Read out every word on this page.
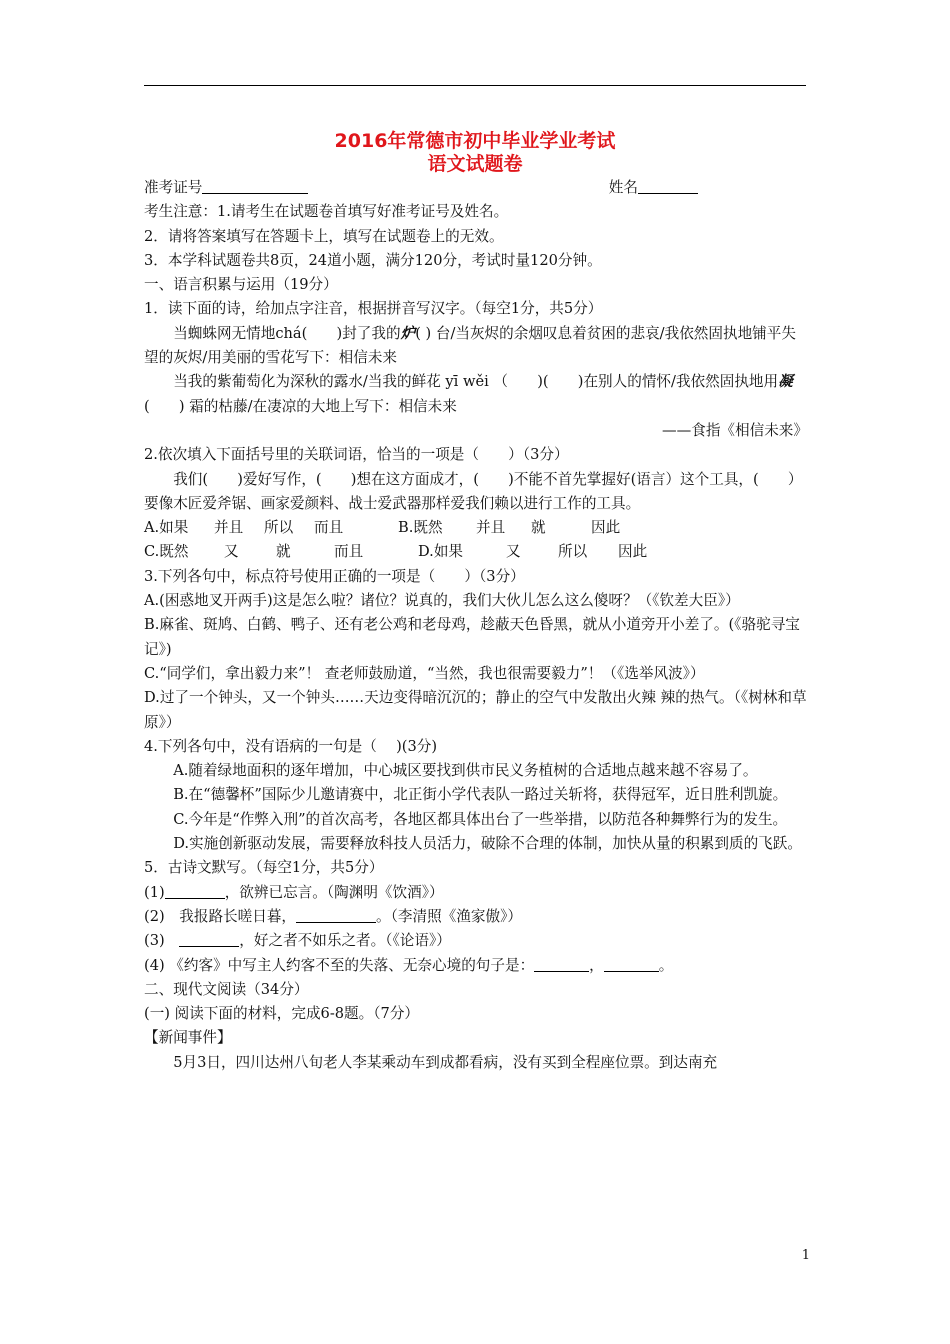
2016年常德市初中毕业学业考试
语文试题卷

准考证号	姓名

考生注意：1.请考生在试题卷首填写好准考证号及姓名。

2．请将答案填写在答题卡上，填写在试题卷上的无效。

3．本学科试题卷共8页，24道小题，满分120分，考试时量120分钟。

一、语言积累与运用（19分）

1．读下面的诗，给加点字注音，根据拼音写汉字。（每空1分，共5分）

当蜘蛛网无情地chá(　　)封了我的炉( ) 台/当灰烬的余烟叹息着贫困的悲哀/我依然固执地铺平失望的灰烬/用美丽的雪花写下：相信未来

当我的紫葡萄化为深秋的露水/当我的鲜花 yī wěi （　　)(　　)在别人的情怀/我依然固执地用凝(　　) 霜的枯藤/在凄凉的大地上写下：相信未来

——食指《相信未来》

2.依次填入下面括号里的关联词语，恰当的一项是（　　）（3分）

我们(　　)爱好写作，(　　)想在这方面成才，(　　)不能不首先掌握好(语言）这个工具，(　　）要像木匠爱斧锯、画家爱颜料、战士爱武器那样爱我们赖以进行工作的工具。

A.如果	并且	所以	而且	B.既然	并且	就	因此

C.既然	又	就	而且	D.如果	又	所以	因此

3.下列各句中，标点符号使用正确的一项是（　　）（3分）

A.(困惑地叉开两手)这是怎么啦？诸位？说真的，我们大伙儿怎么这么傻呀？（《钦差大臣》）

B.麻雀、斑鸠、白鹤、鸭子、还有老公鸡和老母鸡，趁蔽天色昏黑，就从小道旁开小差了。(《骆驼寻宝记》)

C.“同学们，拿出毅力来”！ 查老师鼓励道，“当然，我也很需要毅力”！（《选举风波》）

D.过了一个钟头，又一个钟头……天边变得暗沉沉的；静止的空气中发散出火辣 辣的热气。（《树林和草原》）

4.下列各句中，没有语病的一句是（　 )(3分)

A.随着绿地面积的逐年增加，中心城区要找到供市民义务植树的合适地点越来越不容易了。

B.在“德馨杯”国际少儿邀请赛中，北正街小学代表队一路过关斩将，获得冠军，近日胜利凯旋。

C.今年是“作弊入刑”的首次高考，各地区都具体出台了一些举措，以防范各种舞弊行为的发生。

D.实施创新驱动发展，需要释放科技人员活力，破除不合理的体制，加快从量的积累到质的飞跃。

5．古诗文默写。（每空1分，共5分）

(1)	，欲辨已忘言。（陶渊明《饮酒》）

(2)　我报路长嗟日暮，	。（李清照《渔家傲》）

(3)　	，好之者不如乐之者。（《论语》）

(4) 《约客》中写主人约客不至的失落、无奈心境的句子是：	，	。

二、现代文阅读（34分）

(一) 阅读下面的材料，完成6-8题。（7分）

【新闻事件】

5月3日，四川达州八旬老人李某乘动车到成都看病，没有买到全程座位票。到达南充

1
